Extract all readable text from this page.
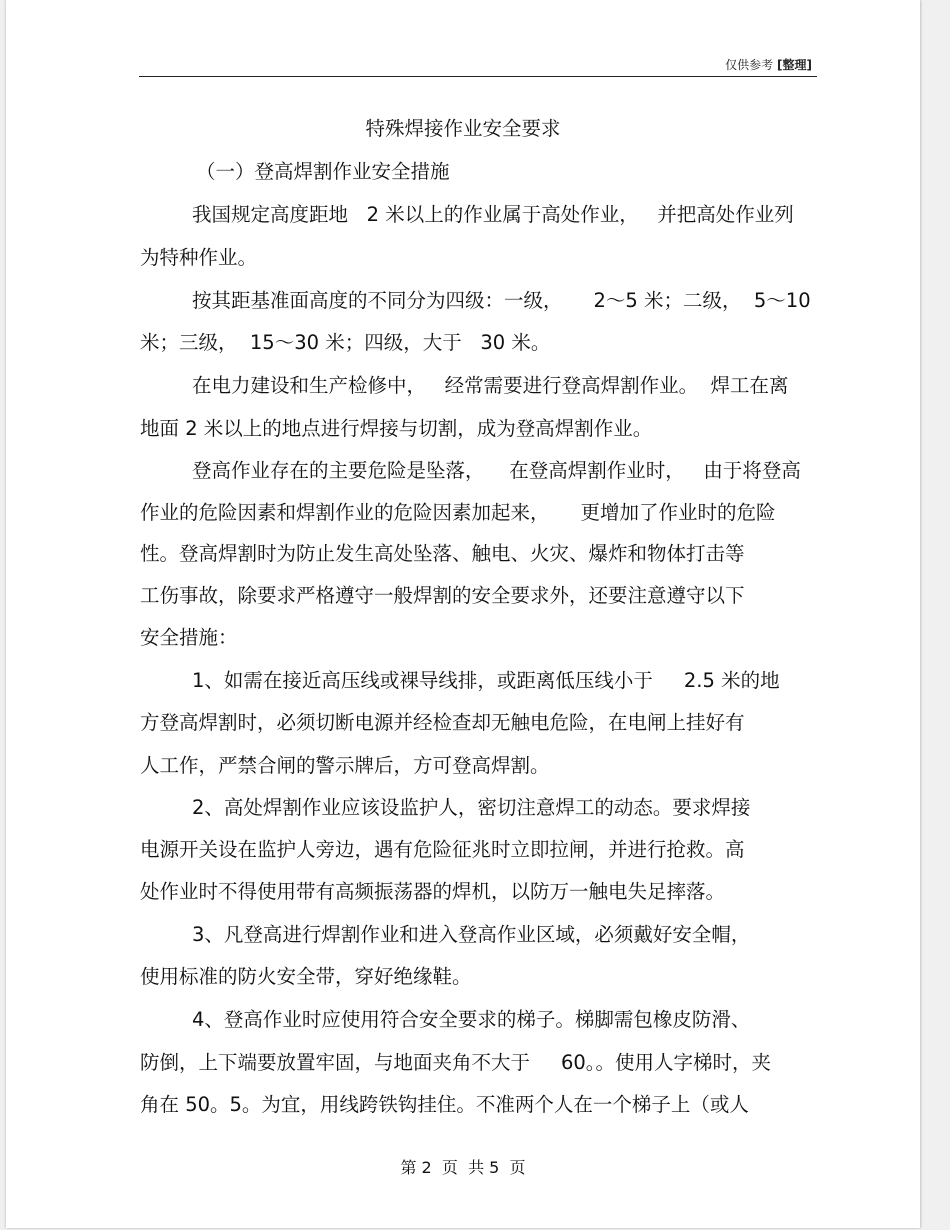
仅供参考 [整理]
特殊焊接作业安全要求
（一）登高焊割作业安全措施
我国规定高度距地   2 米以上的作业属于高处作业，   并把高处作业列
为特种作业。
按其距基准面高度的不同分为四级：一级，     2～5 米；二级，  5～10
米；三级，  15～30 米；四级，大于   30 米。
在电力建设和生产检修中，   经常需要进行登高焊割作业。  焊工在离
地面 2 米以上的地点进行焊接与切割，成为登高焊割作业。
登高作业存在的主要危险是坠落，    在登高焊割作业时，   由于将登高
作业的危险因素和焊割作业的危险因素加起来，     更增加了作业时的危险
性。登高焊割时为防止发生高处坠落、触电、火灾、爆炸和物体打击等
工伤事故，除要求严格遵守一般焊割的安全要求外，还要注意遵守以下
安全措施：
1、如需在接近高压线或裸导线排，或距离低压线小于     2.5 米的地
方登高焊割时，必须切断电源并经检查却无触电危险，在电闸上挂好有
人工作，严禁合闸的警示牌后，方可登高焊割。
2、高处焊割作业应该设监护人，密切注意焊工的动态。要求焊接
电源开关设在监护人旁边，遇有危险征兆时立即拉闸，并进行抢救。高
处作业时不得使用带有高频振荡器的焊机，以防万一触电失足摔落。
3、凡登高进行焊割作业和进入登高作业区域，必须戴好安全帽，
使用标准的防火安全带，穿好绝缘鞋。
4、登高作业时应使用符合安全要求的梯子。梯脚需包橡皮防滑、
防倒，上下端要放置牢固，与地面夹角不大于     60。。使用人字梯时，夹
角在 50。5。为宜，用线跨铁钩挂住。不准两个人在一个梯子上（或人
第 2  页  共 5  页
